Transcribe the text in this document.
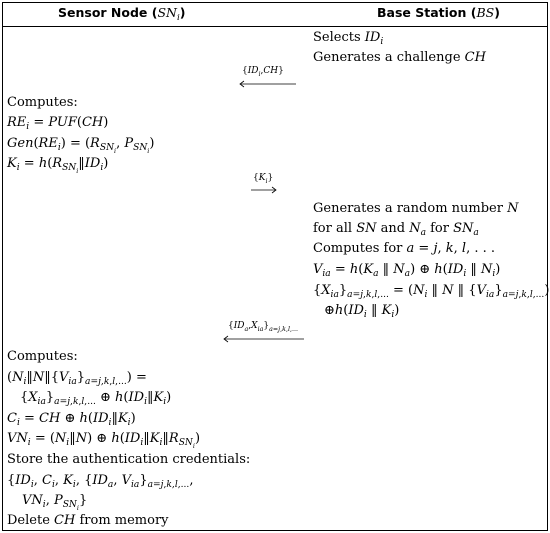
Sensor Node $(SN_i)$	Base Station (BS)
Selects $ID_i$
Generates a challenge CH
$\{ID_i,CH\}$
Computes:
$RE_i = PUF(CH)$
$Gen(RE_i) = (R_{SN_i}$, $P_{SN_i}$)
$K_i$ = $h(R_{SN_i}‖ID_i)$
$\{K_i\}$
Generates a random number N
for all SN and $N_a$ for $SN_a$
Computes for a = j, k, l, . . .
$V_{ia} = h(K_a$ ‖ $N_a$) ⊕ $h(ID_i$ ‖ $N_i$)
$\{X_{ia}\}_{a=j,k,l,...} = (N_i$ ‖ N ‖ $\{V_{ia}\}_{a=j,k,l,...}$)
$\oplus h(ID_i$ ‖ $K_i$)
$\{ID_a,X_{ia}\}_{a=j,k,l,...}$
Computes:
$(N_i‖N‖\{V_{ia}\}_{a=j,k,l,...})$ =
$\{X_{ia}\}_{a=j,k,l,...}$ ⊕ $h(ID_i‖K_i)$
$C_i$ = CH ⊕ $h(ID_i‖K_i)$
$VN_i$ = $(N_i‖N)$ ⊕ $h(ID_i‖K_i‖R_{SN_i})$
Store the authentication credentials:
{$ID_i$, $C_i$, $K_i$, {$ID_a$, $V_{ia}\}_{a=j,k,l,...}$,
$VN_i$, $P_{SN_i}$}
Delete CH from memory
